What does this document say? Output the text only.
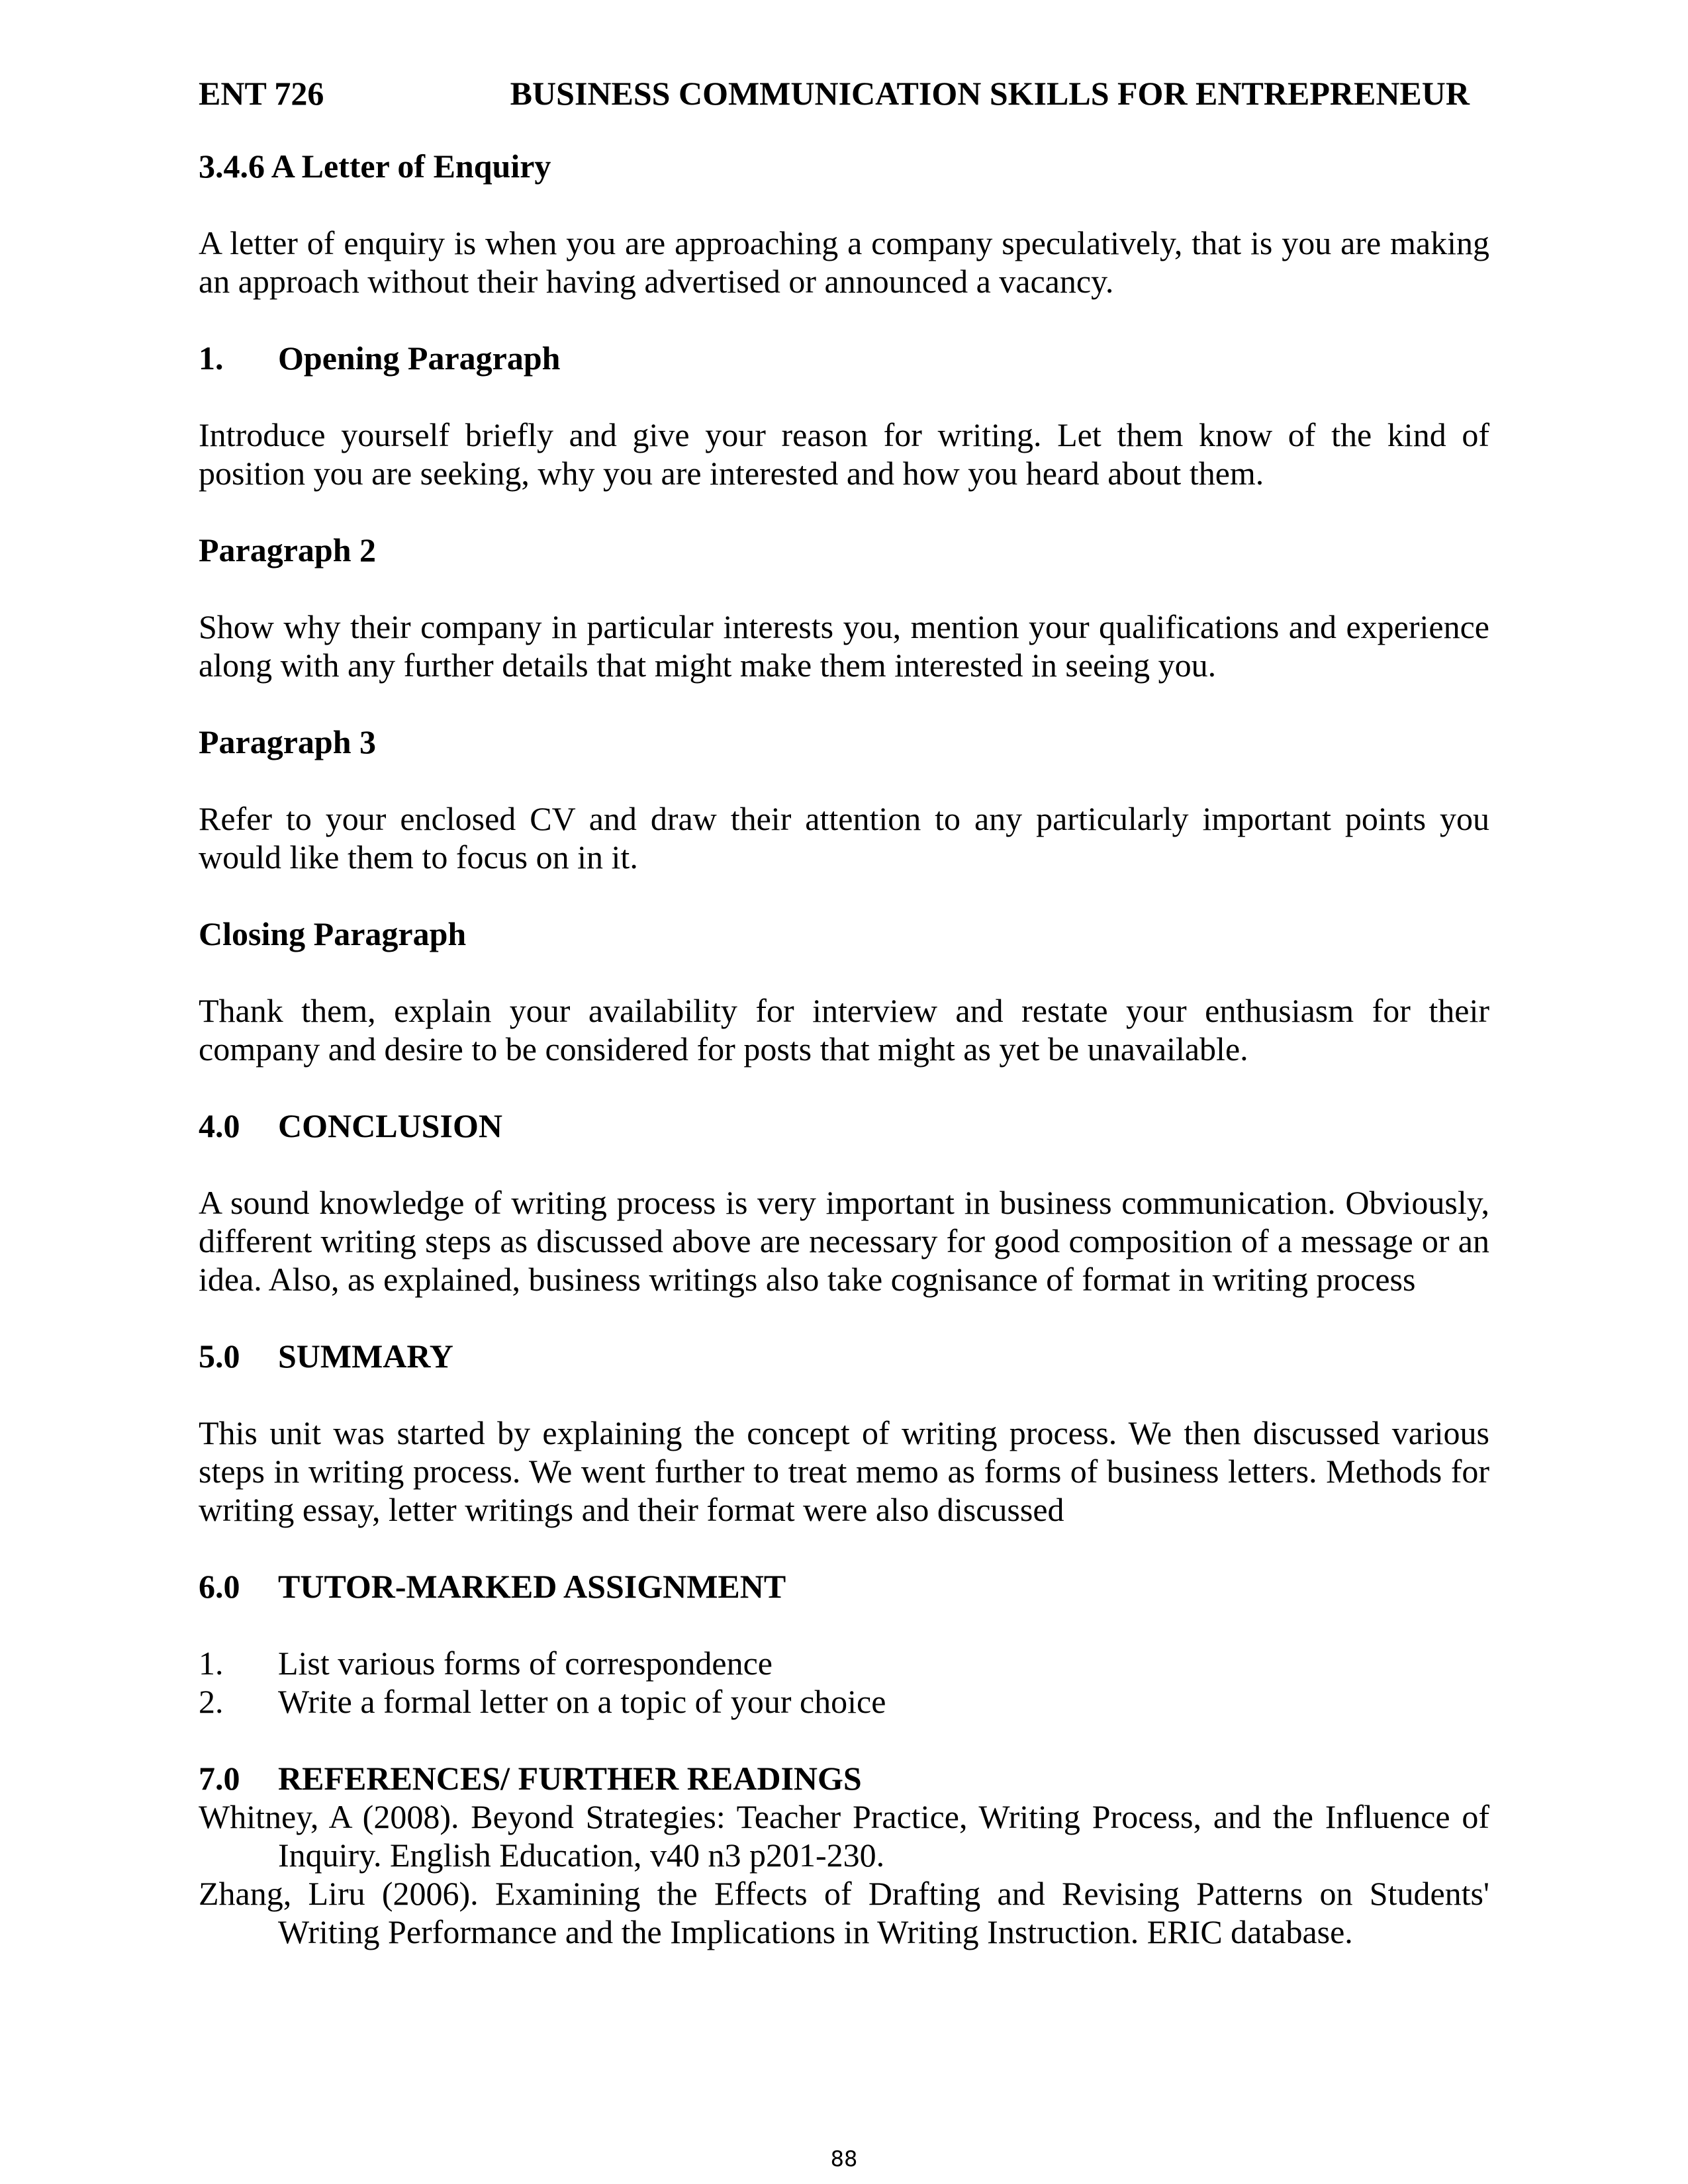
ENT 726	BUSINESS COMMUNICATION SKILLS FOR ENTREPRENEUR

3.4.6 A Letter of Enquiry

A letter of enquiry is when you are approaching a company speculatively, that is you are making an approach without their having advertised or announced a vacancy.

1.	Opening Paragraph

Introduce yourself briefly and give your reason for writing. Let them know of the kind of position you are seeking, why you are interested and how you heard about them.

Paragraph 2

Show why their company in particular interests you, mention your qualifications and experience along with any further details that might make them interested in seeing you.

Paragraph 3

Refer to your enclosed CV and draw their attention to any particularly important points you would like them to focus on in it.

Closing Paragraph

Thank them, explain your availability for interview and restate your enthusiasm for their company and desire to be considered for posts that might as yet be unavailable.

4.0	CONCLUSION

A sound knowledge of writing process is very important in business communication. Obviously, different writing steps as discussed above are necessary for good composition of a message or an idea. Also, as explained, business writings also take cognisance of format in writing process

5.0	SUMMARY

This unit was started by explaining the concept of writing process. We then discussed various steps in writing process. We went further to treat memo as forms of business letters. Methods for writing essay, letter writings and their format were also discussed

6.0	TUTOR-MARKED ASSIGNMENT
1.	List various forms of correspondence
2.	Write a formal letter on a topic of your choice
7.0	REFERENCES/ FURTHER READINGS

Whitney, A (2008). Beyond Strategies: Teacher Practice, Writing Process, and the Influence of Inquiry. English Education, v40 n3 p201-230.

Zhang, Liru (2006). Examining the Effects of Drafting and Revising Patterns on Students' Writing Performance and the Implications in Writing Instruction. ERIC database.

88
